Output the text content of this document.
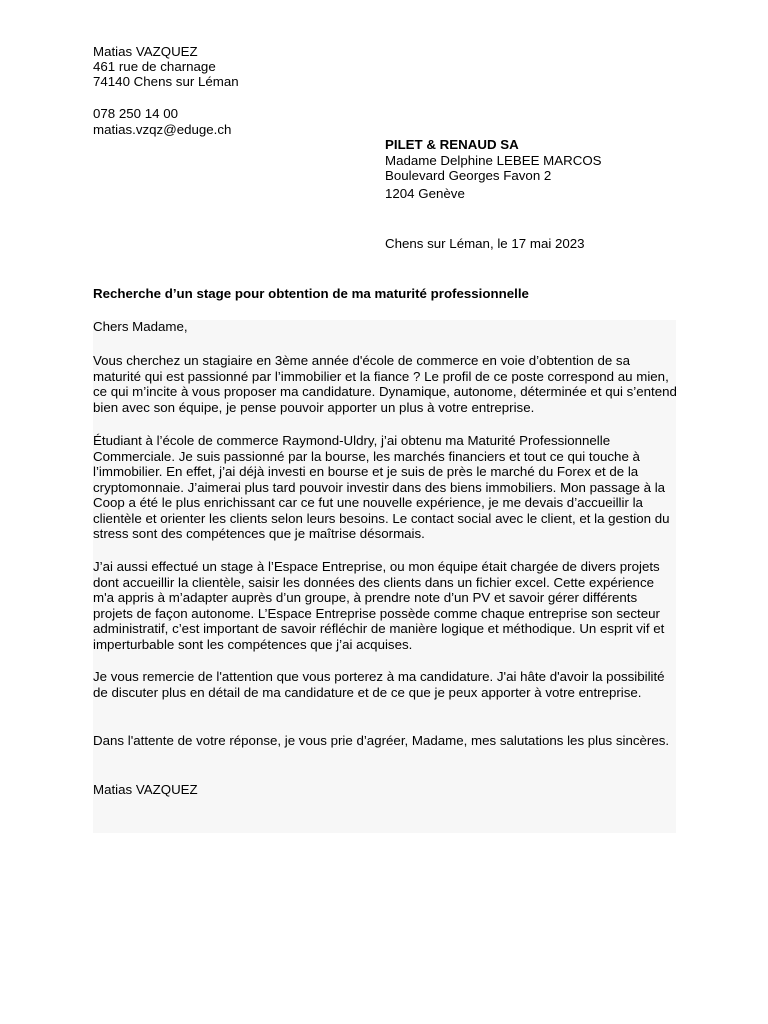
Matias VAZQUEZ
461 rue de charnage
74140 Chens sur Léman
078 250 14 00
matias.vzqz@eduge.ch
PILET & RENAUD SA
Madame Delphine LEBEE MARCOS
Boulevard Georges Favon 2
1204 Genève
Chens sur Léman, le 17 mai 2023
Recherche d’un stage pour obtention de ma maturité professionnelle
Chers Madame,

Vous cherchez un stagiaire en 3ème année d'école de commerce en voie d’obtention de sa maturité qui est passionné par l’immobilier et la fiance ? Le profil de ce poste correspond au mien, ce qui m’incite à vous proposer ma candidature. Dynamique, autonome, déterminée et qui s’entend bien avec son équipe, je pense pouvoir apporter un plus à votre entreprise.

Étudiant à l’école de commerce Raymond-Uldry, j’ai obtenu ma Maturité Professionnelle Commerciale. Je suis passionné par la bourse, les marchés financiers et tout ce qui touche à l’immobilier. En effet, j’ai déjà investi en bourse et je suis de près le marché du Forex et de la cryptomonnaie. J’aimerai plus tard pouvoir investir dans des biens immobiliers. Mon passage à la Coop a été le plus enrichissant car ce fut une nouvelle expérience, je me devais d’accueillir la clientèle et orienter les clients selon leurs besoins. Le contact social avec le client, et la gestion du stress sont des compétences que je maîtrise désormais.

J’ai aussi effectué un stage à l’Espace Entreprise, ou mon équipe était chargée de divers projets dont accueillir la clientèle, saisir les données des clients dans un fichier excel. Cette expérience m'a appris à m’adapter auprès d’un groupe, à prendre note d’un PV et savoir gérer différents projets de façon autonome. L’Espace Entreprise possède comme chaque entreprise son secteur administratif, c’est important de savoir réfléchir de manière logique et méthodique. Un esprit vif et imperturbable sont les compétences que j’ai acquises.

Je vous remercie de l'attention que vous porterez à ma candidature. J'ai hâte d'avoir la possibilité de discuter plus en détail de ma candidature et de ce que je peux apporter à votre entreprise.

Dans l'attente de votre réponse, je vous prie d’agréer, Madame, mes salutations les plus sincères.

Matias VAZQUEZ
